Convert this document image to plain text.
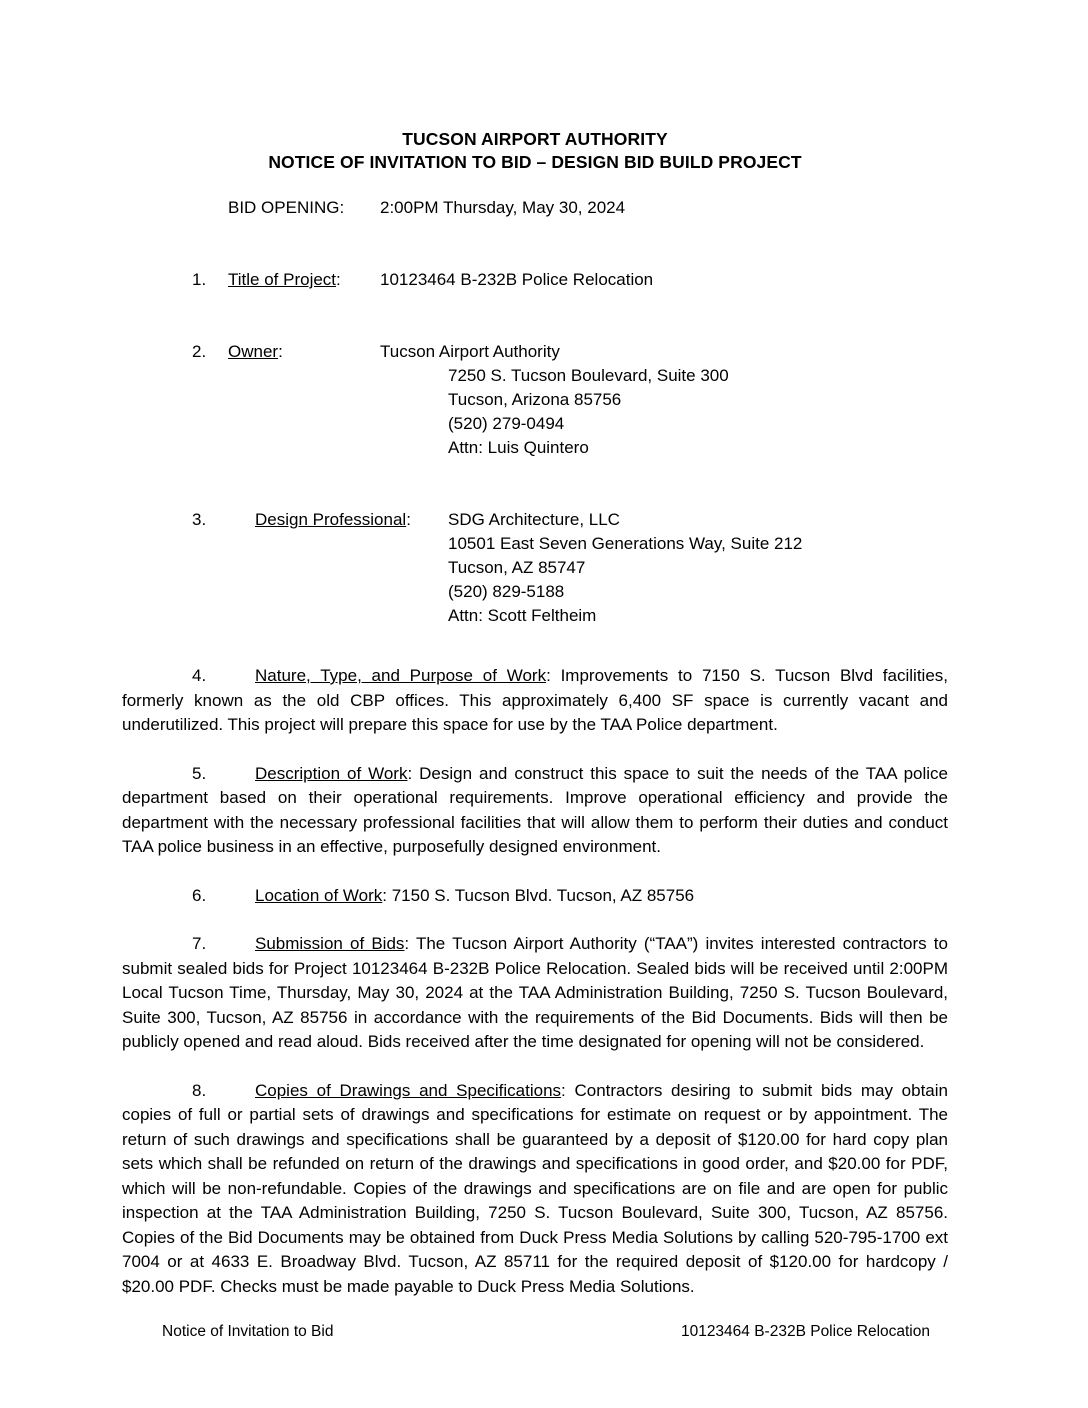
TUCSON AIRPORT AUTHORITY
NOTICE OF INVITATION TO BID – DESIGN BID BUILD PROJECT
BID OPENING: 2:00PM Thursday, May 30, 2024
1.	Title of Project: 10123464 B-232B Police Relocation
2.	Owner:	Tucson Airport Authority
7250 S. Tucson Boulevard, Suite 300
Tucson, Arizona 85756
(520) 279-0494
Attn: Luis Quintero
3.	Design Professional: SDG Architecture, LLC
10501 East Seven Generations Way, Suite 212
Tucson, AZ 85747
(520) 829-5188
Attn: Scott Feltheim

4.	Nature, Type, and Purpose of Work: Improvements to 7150 S. Tucson Blvd facilities, formerly known as the old CBP offices. This approximately 6,400 SF space is currently vacant and underutilized. This project will prepare this space for use by the TAA Police department.

5.	Description of Work: Design and construct this space to suit the needs of the TAA police department based on their operational requirements. Improve operational efficiency and provide the department with the necessary professional facilities that will allow them to perform their duties and conduct TAA police business in an effective, purposefully designed environment.

6.	Location of Work: 7150 S. Tucson Blvd. Tucson, AZ 85756

7.	Submission of Bids: The Tucson Airport Authority (“TAA”) invites interested contractors to submit sealed bids for Project 10123464 B-232B Police Relocation. Sealed bids will be received until 2:00PM Local Tucson Time, Thursday, May 30, 2024 at the TAA Administration Building, 7250 S. Tucson Boulevard, Suite 300, Tucson, AZ 85756 in accordance with the requirements of the Bid Documents. Bids will then be publicly opened and read aloud. Bids received after the time designated for opening will not be considered.

8.	Copies of Drawings and Specifications: Contractors desiring to submit bids may obtain copies of full or partial sets of drawings and specifications for estimate on request or by appointment. The return of such drawings and specifications shall be guaranteed by a deposit of $120.00 for hard copy plan sets which shall be refunded on return of the drawings and specifications in good order, and $20.00 for PDF, which will be non-refundable. Copies of the drawings and specifications are on file and are open for public inspection at the TAA Administration Building, 7250 S. Tucson Boulevard, Suite 300, Tucson, AZ 85756. Copies of the Bid Documents may be obtained from Duck Press Media Solutions by calling 520-795-1700 ext 7004 or at 4633 E. Broadway Blvd. Tucson, AZ 85711 for the required deposit of $120.00 for hardcopy / $20.00 PDF. Checks must be made payable to Duck Press Media Solutions.

Notice of Invitation to Bid	10123464 B-232B Police Relocation
